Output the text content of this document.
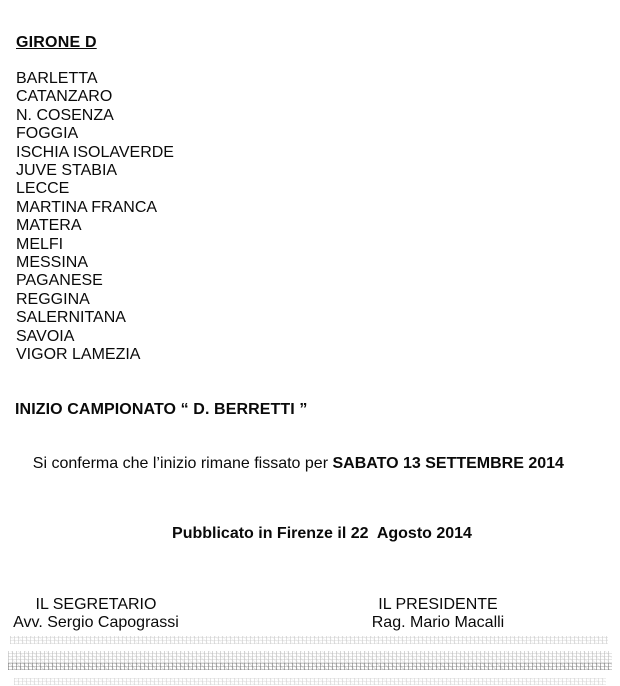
GIRONE D
BARLETTA
CATANZARO
N. COSENZA
FOGGIA
ISCHIA ISOLAVERDE
JUVE STABIA
LECCE
MARTINA FRANCA
MATERA
MELFI
MESSINA
PAGANESE
REGGINA
SALERNITANA
SAVOIA
VIGOR LAMEZIA
INIZIO CAMPIONATO “ D. BERRETTI ”

Si conferma che l’inizio rimane fissato per SABATO 13 SETTEMBRE 2014

Pubblicato in Firenze il 22  Agosto 2014
IL SEGRETARIO
Avv. Sergio Capograssi
IL PRESIDENTE
Rag. Mario Macalli
